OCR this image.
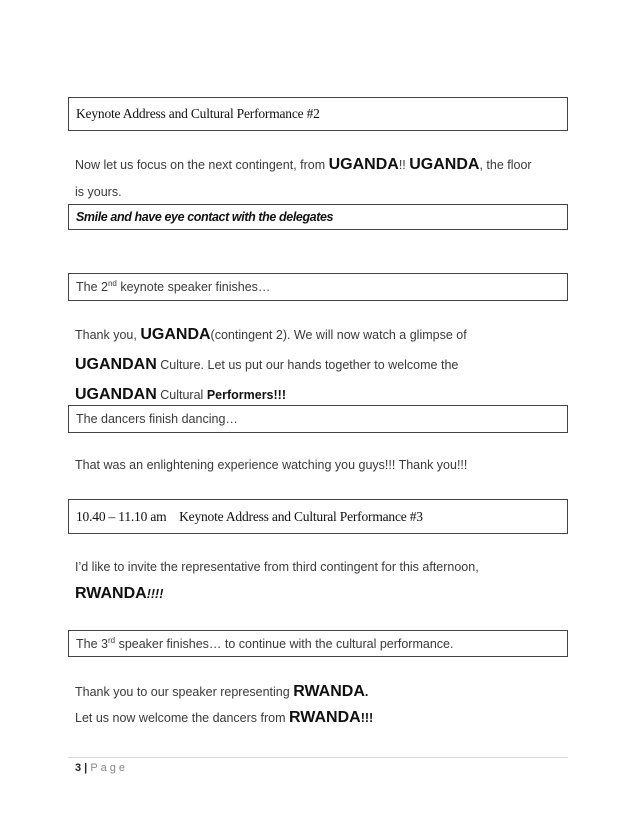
Keynote Address and Cultural Performance #2
Now let us focus on the next contingent, from UGANDA!! UGANDA, the floor
is yours.
Smile and have eye contact with the delegates
The 2nd keynote speaker finishes…
Thank you, UGANDA(contingent 2). We will now watch a glimpse of
UGANDAN Culture. Let us put our hands together to welcome the
UGANDAN Cultural Performers!!!
The dancers finish dancing…
That was an enlightening experience watching you guys!!! Thank you!!!
10.40 – 11.10 am    Keynote Address and Cultural Performance #3
I’d like to invite the representative from third contingent for this afternoon,
RWANDA!!!!
The 3rd speaker finishes… to continue with the cultural performance.
Thank you to our speaker representing RWANDA.
Let us now welcome the dancers from RWANDA!!!
3 | Page
